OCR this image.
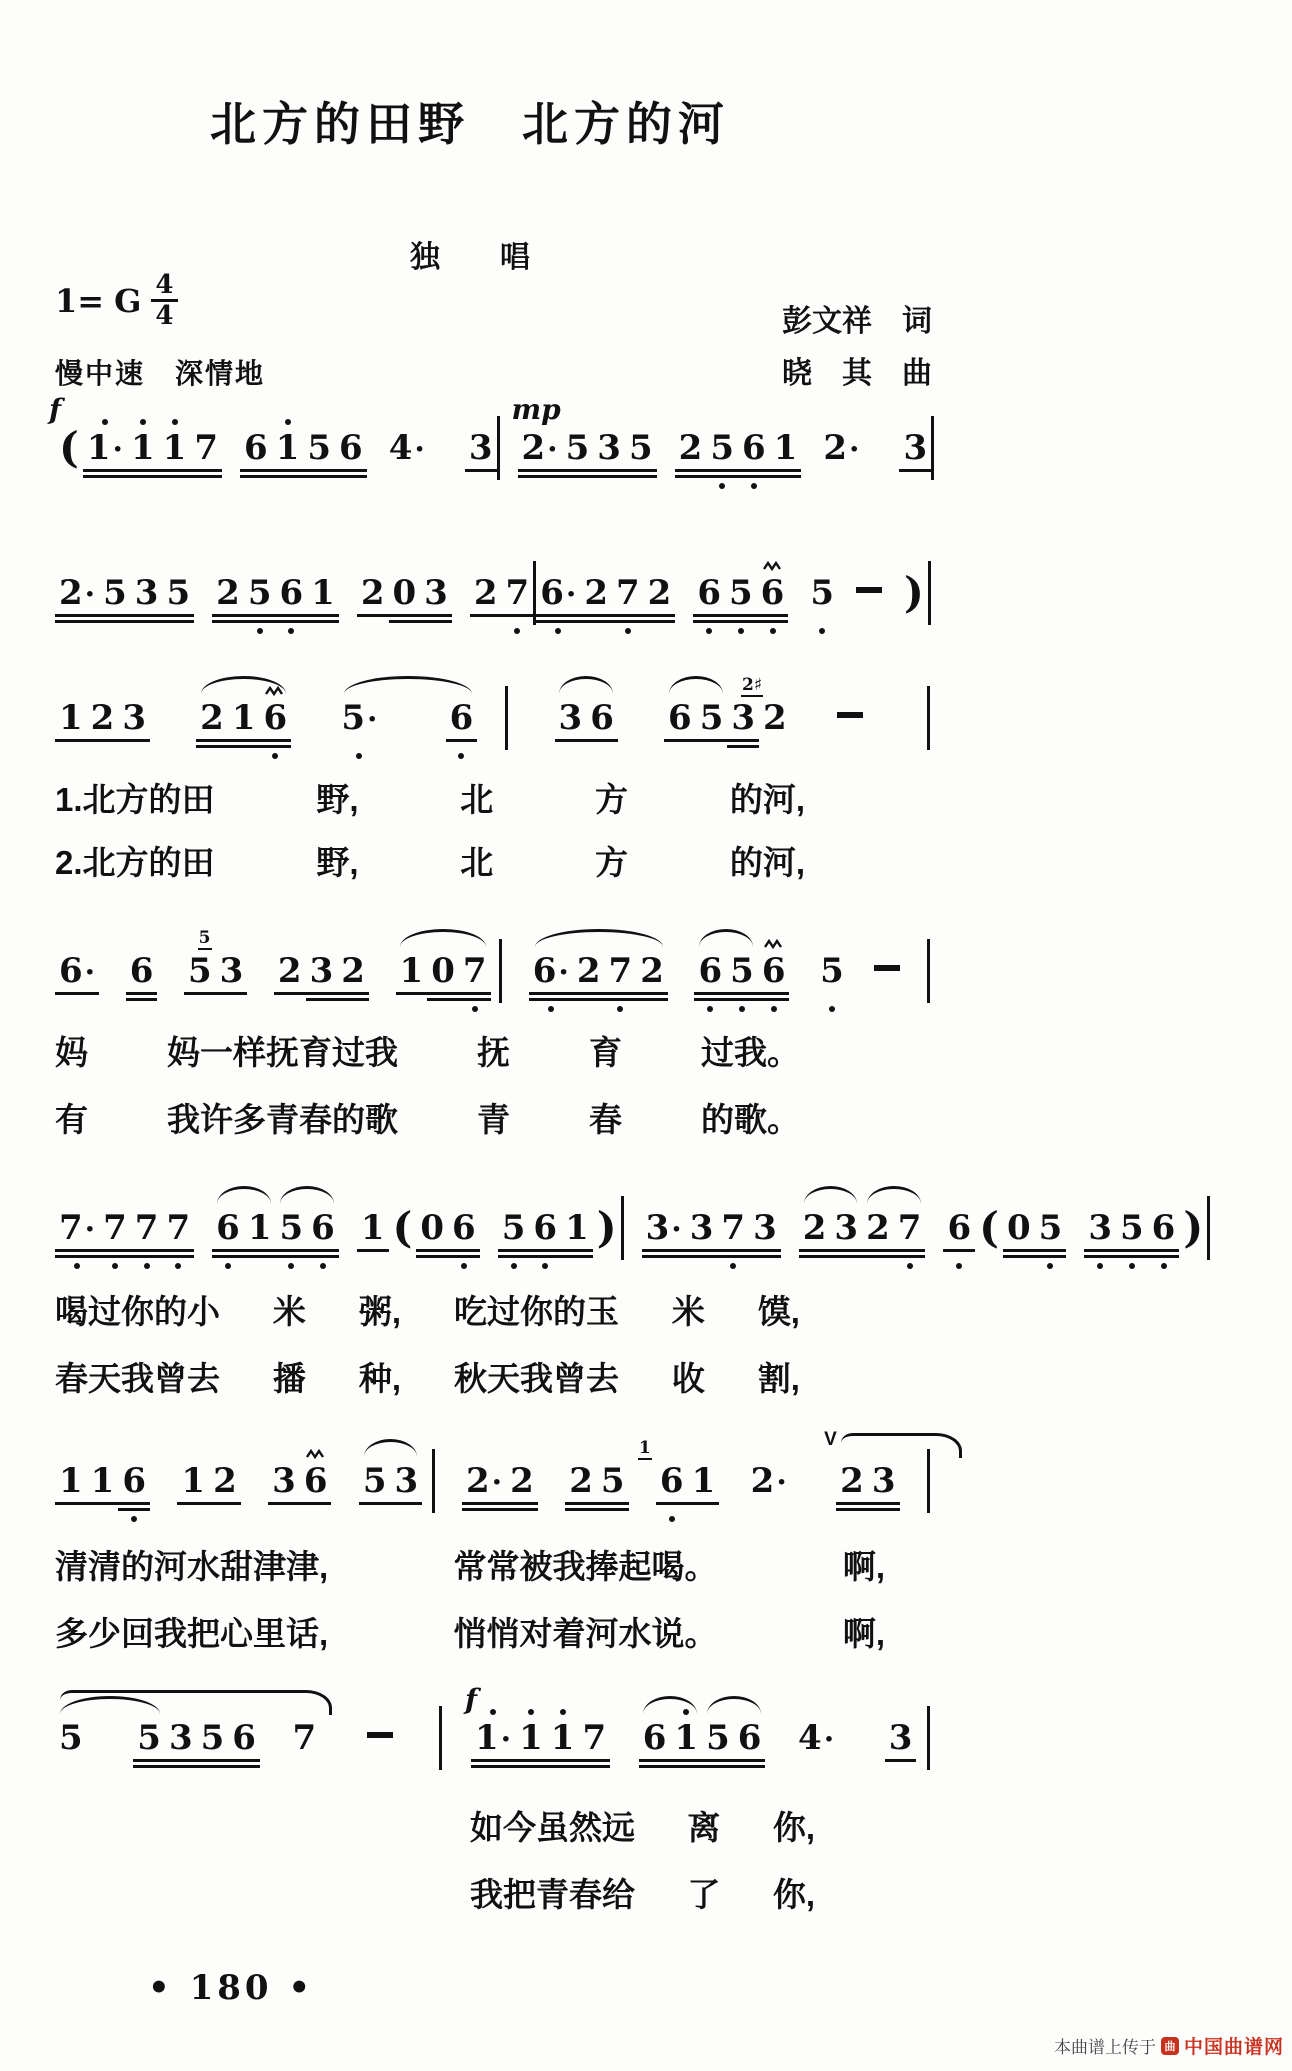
北方的田野　北方的河
独　　唱
1= G $\frac{4}{4}$
慢中速　深情地
彭文祥　词
晓　其　曲
f
( 1· 1 1 7 6 1 5 6 4· 3
mp
2· 5 3 5 2 5 6 1 2· 3
2· 5 3 5 2 5 6 1 2 0 3 2 7 6· 2 7 2 6 5 6 5 )
1 2 3 2 1 6 5· 6	3 6 6 5 3
2♯
2
1.北方的田	野,	北	方	的河,
2.北方的田	野,	北	方	的河,
6· 6 5
5
3 2 3 2 1 0 7 6· 2 7 2 6 5 6 5
妈 妈一样抚育过我 抚 育 过我。
有 我许多青春的歌 青 春 的歌。
7· 7 7 7 6 1 5 6 1 ( 0 6 5 6 1 ) 3· 3 7 3 2 3 2 7 6 ( 0 5 3 5 6 )
喝过你的小 米 粥, 吃过你的玉 米 馍,
春天我曾去 播 种, 秋天我曾去 收 割,
1 1 6 1 2 3 6 5 3 2· 2 2 5
1
6 1 2·
V
2 3
清清的河水甜津津,	常常被我捧起喝。	啊,
多少回我把心里话,	悄悄对着河水说。	啊,
5 5 3 5 6 7
f
1· 1 1 7 6 1 5 6 4· 3
如今虽然远 离 你,
我把青春给 了 你,
• 180 •
本曲谱上传于 曲 中国曲谱网
